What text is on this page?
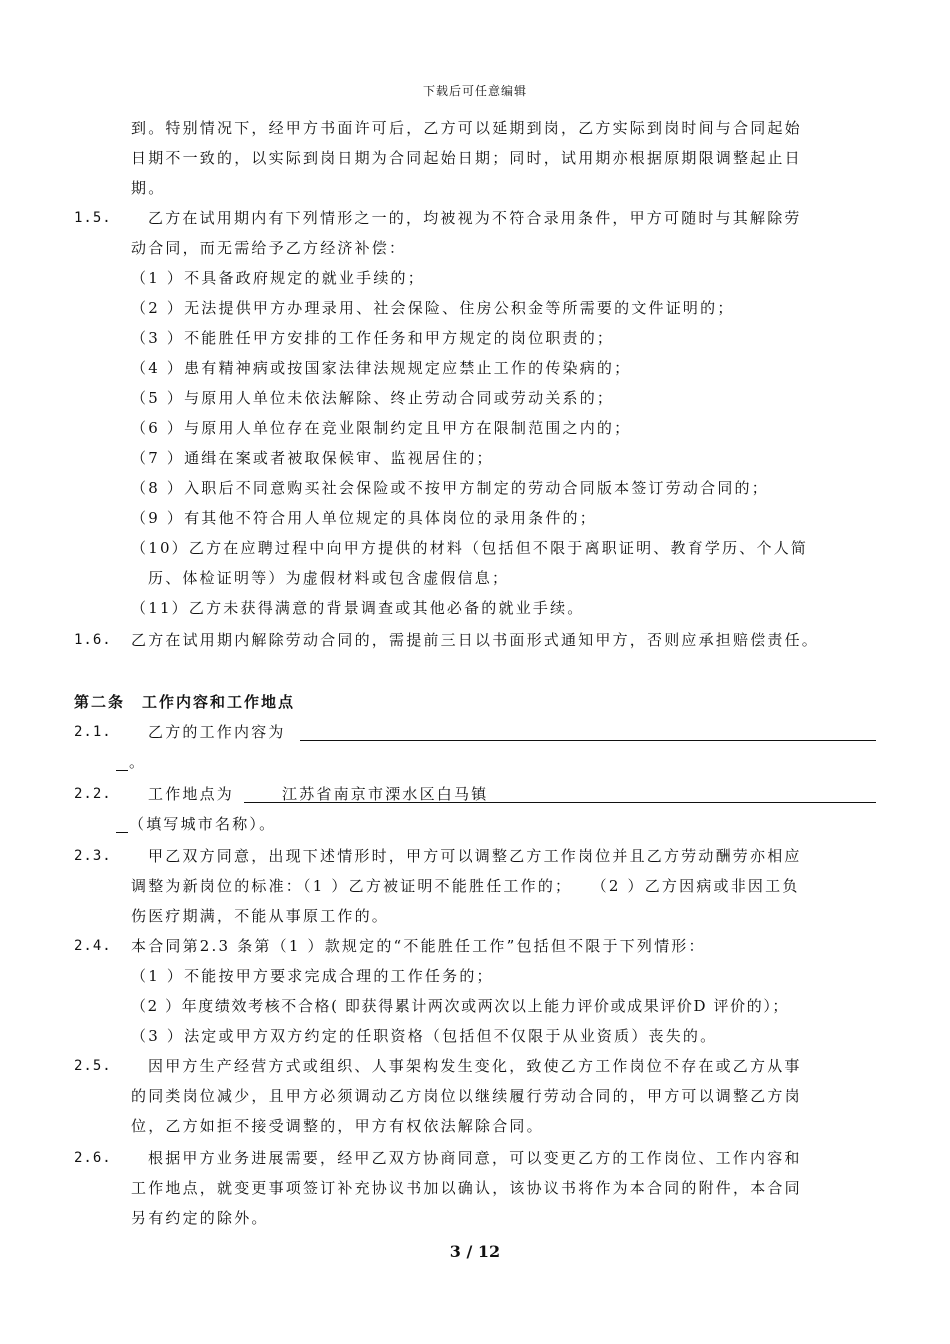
下载后可任意编辑
到。特别情况下，经甲方书面许可后，乙方可以延期到岗，乙方实际到岗时间与合同起始
日期不一致的，以实际到岗日期为合同起始日期；同时，试用期亦根据原期限调整起止日
期。
1.5. 乙方在试用期内有下列情形之一的，均被视为不符合录用条件，甲方可随时与其解除劳
动合同，而无需给予乙方经济补偿：
（1 ）不具备政府规定的就业手续的；
（2 ）无法提供甲方办理录用、社会保险、住房公积金等所需要的文件证明的；
（3 ）不能胜任甲方安排的工作任务和甲方规定的岗位职责的；
（4 ）患有精神病或按国家法律法规规定应禁止工作的传染病的；
（5 ）与原用人单位未依法解除、终止劳动合同或劳动关系的；
（6 ）与原用人单位存在竞业限制约定且甲方在限制范围之内的；
（7 ）通缉在案或者被取保候审、监视居住的；
（8 ）入职后不同意购买社会保险或不按甲方制定的劳动合同版本签订劳动合同的；
（9 ）有其他不符合用人单位规定的具体岗位的录用条件的；
（10）乙方在应聘过程中向甲方提供的材料（包括但不限于离职证明、教育学历、个人简
历、体检证明等）为虚假材料或包含虚假信息；
（11）乙方未获得满意的背景调查或其他必备的就业手续。
1.6. 乙方在试用期内解除劳动合同的，需提前三日以书面形式通知甲方，否则应承担赔偿责任。
第二条　工作内容和工作地点
2.1. 乙方的工作内容为
。
2.2. 工作地点为	江苏省南京市溧水区白马镇
（填写城市名称）。
2.3. 甲乙双方同意，出现下述情形时，甲方可以调整乙方工作岗位并且乙方劳动酬劳亦相应
调整为新岗位的标准：（1 ）乙方被证明不能胜任工作的；　　（2 ）乙方因病或非因工负
伤医疗期满，不能从事原工作的。
2.4. 本合同第2.3 条第（1 ）款规定的“不能胜任工作”包括但不限于下列情形：
（1 ）不能按甲方要求完成合理的工作任务的；
（2 ）年度绩效考核不合格( 即获得累计两次或两次以上能力评价或成果评价D 评价的）；
（3 ）法定或甲方双方约定的任职资格（包括但不仅限于从业资质）丧失的。
2.5. 因甲方生产经营方式或组织、人事架构发生变化，致使乙方工作岗位不存在或乙方从事
的同类岗位减少，且甲方必须调动乙方岗位以继续履行劳动合同的，甲方可以调整乙方岗
位，乙方如拒不接受调整的，甲方有权依法解除合同。
2.6. 根据甲方业务进展需要，经甲乙双方协商同意，可以变更乙方的工作岗位、工作内容和
工作地点，就变更事项签订补充协议书加以确认，该协议书将作为本合同的附件，本合同
另有约定的除外。
3 / 12
